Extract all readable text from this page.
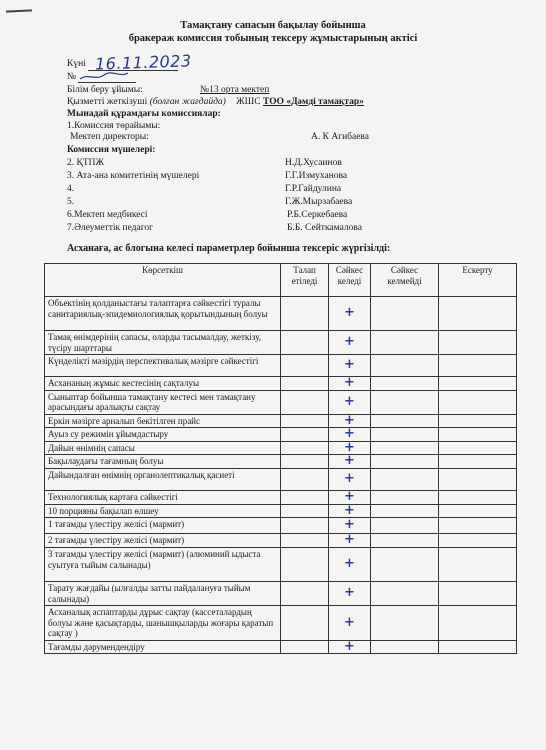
Тамақтану сапасын бақылау бойынша
бракераж комиссия тобының тексеру жұмыстарының актісі
Күні 16.11.2023
№
Білім беру ұйымы:	№13 орта мектеп
Қызметті жеткізуші (болған жағдайда) ЖШС ТОО «Дәмді тамақтар»
Мынадай құрамдағы комиссиялар:
1.Комиссия төрайымы:
Мектеп директоры:	А. К Агибаева
Комиссия мүшелері:
2. ҚТПЖ	Н.Д.Хусаинов
3. Ата-ана комитетінің мүшелері	Г.Г.Измуханова
4.	Г.Р.Гайдулина
5.	Г.Ж.Мырзабаева
6.Мектеп медбикесі	Р.Б.Серкебаева
7.Әлеуметтік педагог	Б.Б. Сейткамалова
Асханаға, ас блогына келесі параметрлер бойынша тексеріс жүргізілді:
Көрсеткіш	Талап етіледі	Сәйкес келеді	Сәйкес келмейді	Ескерту
Объектінің қолданыстағы талаптарға сәйкестігі туралы санитариялық-эпидемиологиялық қорытындының болуы		+		
Тамақ өнімдерінің сапасы, оларды тасымалдау, жеткізу, түсіру шарттары		+		
Күнделікті мәзірдің перспективалық мәзірге сәйкестігі		+		
Асхананың жұмыс кестесінің сақталуы		+		
Сыныптар бойынша тамақтану кестесі мен тамақтану арасындағы аралықты сақтау		+		
Еркін мәзірге арналып бекітілген прайс		+		
Ауыз су режимін ұйымдастыру		+		
Дайын өнімнің сапасы		+		
Бақылаудағы тағамның болуы		+		
Дайындалған өнімнің органолептикалық қасиеті		+		
Технологиялық картаға сәйкестігі		+		
10 порцияны бақылап өлшеу		+		
1 тағамды үлестіру желісі (мармит)		+		
2 тағамды үлестіру желісі (мармит)		+		
3 тағамды үлестіру желісі (мармит) (алюминий ыдыста суытуға тыйым салынады)		+		
Тарату жағдайы (ылғалды затты пайдалануға тыйым салынады)		+		
Асханалық аспаптарды дұрыс сақтау (кассеталардың болуы және қасықтарды, шанышқыларды жоғары қаратып сақтау )		+		
Тағамды дәрумендендіру		+		
